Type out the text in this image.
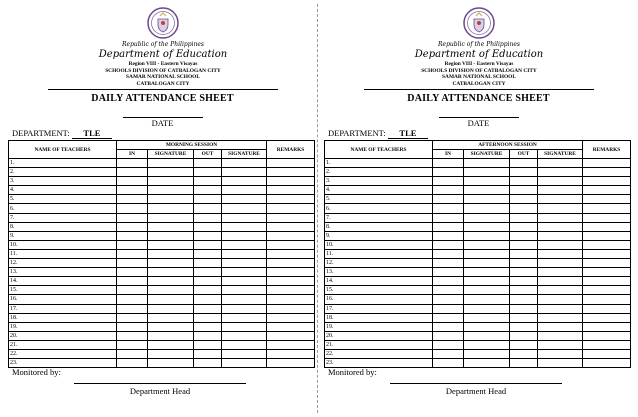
Republic of the Philippines
Department of Education
Region VIII - Eastern Visayas
SCHOOLS DIVISION OF CATBALOGAN CITY
SAMAR NATIONAL SCHOOL
CATBALOGAN CITY
DAILY ATTENDANCE SHEET
DATE
DEPARTMENT: TLE
NAME OF TEACHERS	MORNING SESSION				REMARKS
	IN	SIGNATURE	OUT	SIGNATURE	
1.					
2.					
3.					
4.					
5.					
6.					
7.					
8.					
9.					
10.					
11.					
12.					
13.					
14.					
15.					
16.					
17.					
18.					
19.					
20.					
21.					
22.					
23.					
Monitored by:
Department Head
Republic of the Philippines
Department of Education
Region VIII - Eastern Visayas
SCHOOLS DIVISION OF CATBALOGAN CITY
SAMAR NATIONAL SCHOOL
CATBALOGAN CITY
DAILY ATTENDANCE SHEET
DATE
DEPARTMENT: TLE
NAME OF TEACHERS	AFTERNOON SESSION				REMARKS
	IN	SIGNATURE	OUT	SIGNATURE	
1.					
2.					
3.					
4.					
5.					
6.					
7.					
8.					
9.					
10.					
11.					
12.					
13.					
14.					
15.					
16.					
17.					
18.					
19.					
20.					
21.					
22.					
23.					
Monitored by:
Department Head
